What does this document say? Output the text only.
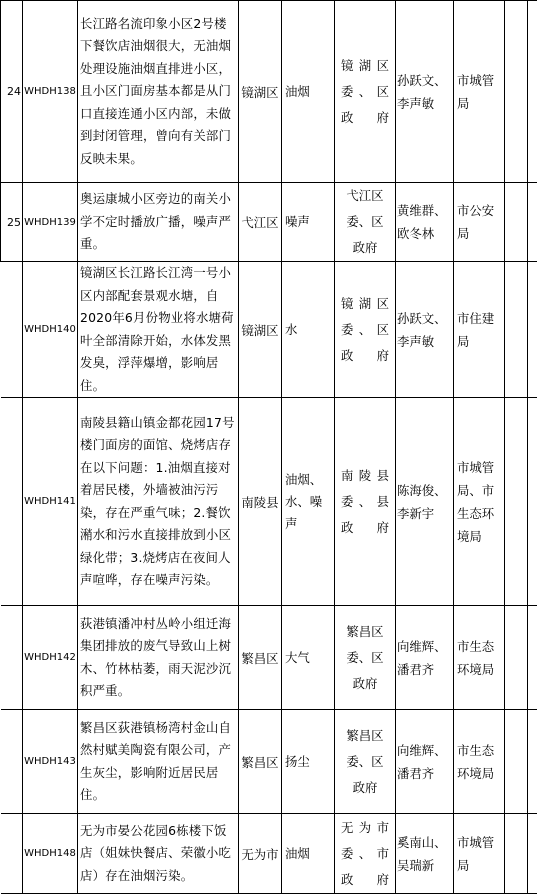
24	WHDH138	长江路名流印象小区2号楼下餐饮店油烟很大，无油烟处理设施油烟直排进小区，且小区门面房基本都是从门口直接连通小区内部，未做到封闭管理，曾向有关部门反映未果。	镜湖区	油烟	镜湖区委、区政府	孙跃文、李声敏	市城管局		
25	WHDH139	奥运康城小区旁边的南关小学不定时播放广播，噪声严重。	弋江区	噪声	弋江区委、区政府	黄维群、欧冬林	市公安局		
	WHDH140	镜湖区长江路长江湾一号小区内部配套景观水塘，自2020年6月份物业将水塘荷叶全部清除开始，水体发黑发臭，浮萍爆增，影响居住。	镜湖区	水	镜湖区委、区政府	孙跃文、李声敏	市住建局		
	WHDH141	南陵县籍山镇金都花园17号楼门面房的面馆、烧烤店存在以下问题：1.油烟直接对着居民楼，外墙被油污污染，存在严重气味；2.餐饮潲水和污水直接排放到小区绿化带；3.烧烤店在夜间人声喧哗，存在噪声污染。	南陵县	油烟、水、噪声	南陵县委、县政府	陈海俊、李新宇	市城管局、市生态环境局		
	WHDH142	荻港镇潘冲村丛岭小组迁海集团排放的废气导致山上树木、竹林枯萎，雨天泥沙沉积严重。	繁昌区	大气	繁昌区委、区政府	向维辉、潘君齐	市生态环境局		
	WHDH143	繁昌区荻港镇杨湾村金山自然村赋美陶瓷有限公司，产生灰尘，影响附近居民居住。	繁昌区	扬尘	繁昌区委、区政府	向维辉、潘君齐	市生态环境局		
	WHDH148	无为市晏公花园6栋楼下饭店（姐妹快餐店、荣徽小吃店）存在油烟污染。	无为市	油烟	无为市委、市政府	奚南山、吴瑞新	市城管局		
